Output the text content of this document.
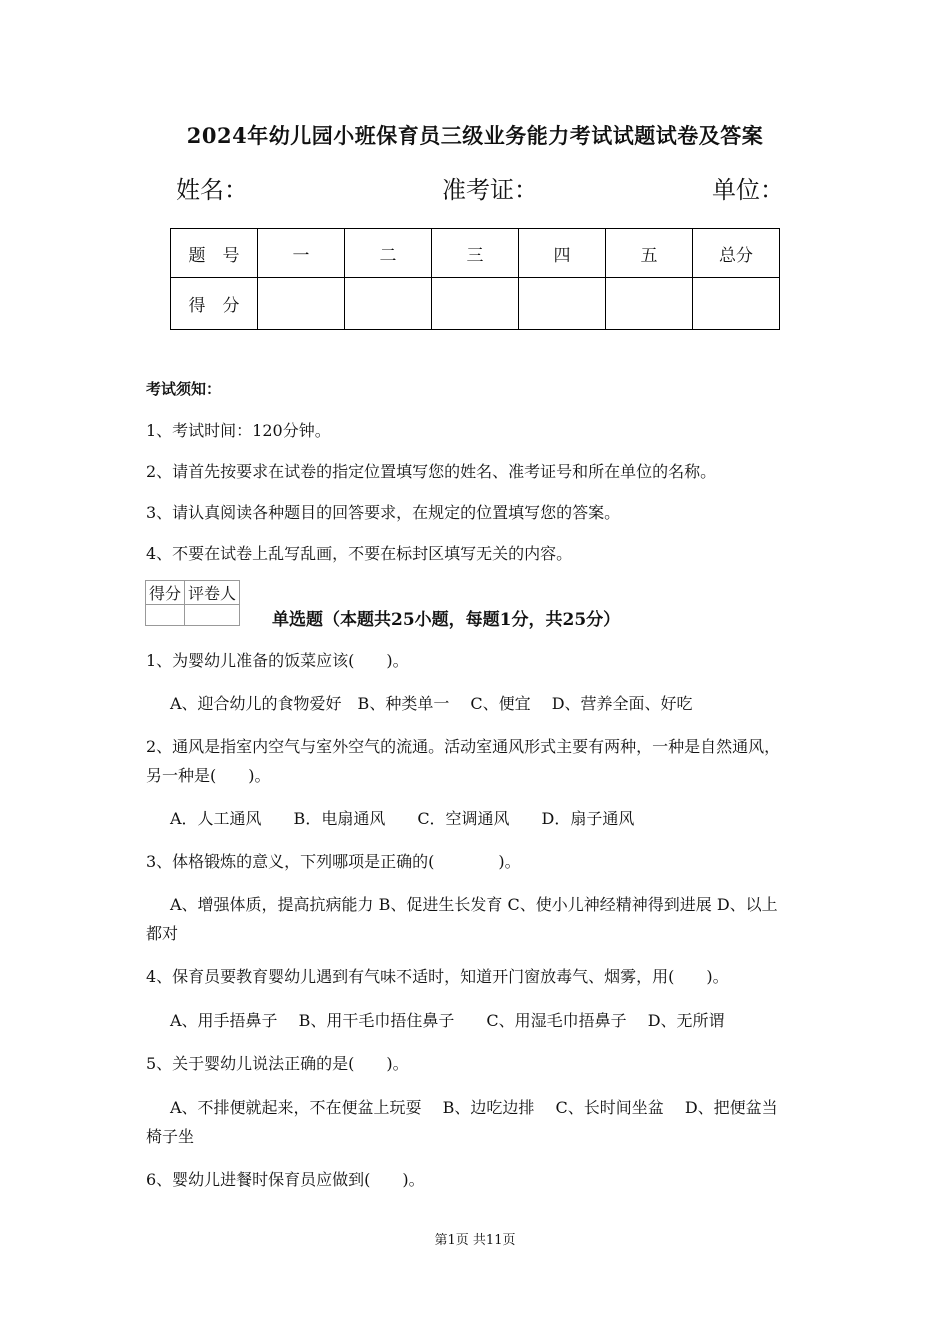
2024年幼儿园小班保育员三级业务能力考试试题试卷及答案
姓名：	准考证：	单位：
题　号	一	二	三	四	五	总分
得　分						
考试须知：
1、考试时间：120分钟。
2、请首先按要求在试卷的指定位置填写您的姓名、准考证号和所在单位的名称。
3、请认真阅读各种题目的回答要求，在规定的位置填写您的答案。
4、不要在试卷上乱写乱画，不要在标封区填写无关的内容。
得分	评卷人

单选题（本题共25小题，每题1分，共25分）
1、为婴幼儿准备的饭菜应该(　　)。
A、迎合幼儿的食物爱好　B、种类单一　 C、便宜　 D、营养全面、好吃
2、通风是指室内空气与室外空气的流通。活动室通风形式主要有两种，一种是自然通风，
另一种是(　　)。
A．人工通风　　B．电扇通风　　C．空调通风　　D．扇子通风
3、体格锻炼的意义，下列哪项是正确的(　　　　)。
A、增强体质，提高抗病能力 B、促进生长发育 C、使小儿神经精神得到进展 D、以上
都对
4、保育员要教育婴幼儿遇到有气味不适时，知道开门窗放毒气、烟雾，用(　　)。
A、用手捂鼻子　 B、用干毛巾捂住鼻子　　C、用湿毛巾捂鼻子　 D、无所谓
5、关于婴幼儿说法正确的是(　　)。
A、不排便就起来，不在便盆上玩耍　 B、边吃边排　 C、长时间坐盆　 D、把便盆当
椅子坐
6、婴幼儿进餐时保育员应做到(　　)。
第1页 共11页
